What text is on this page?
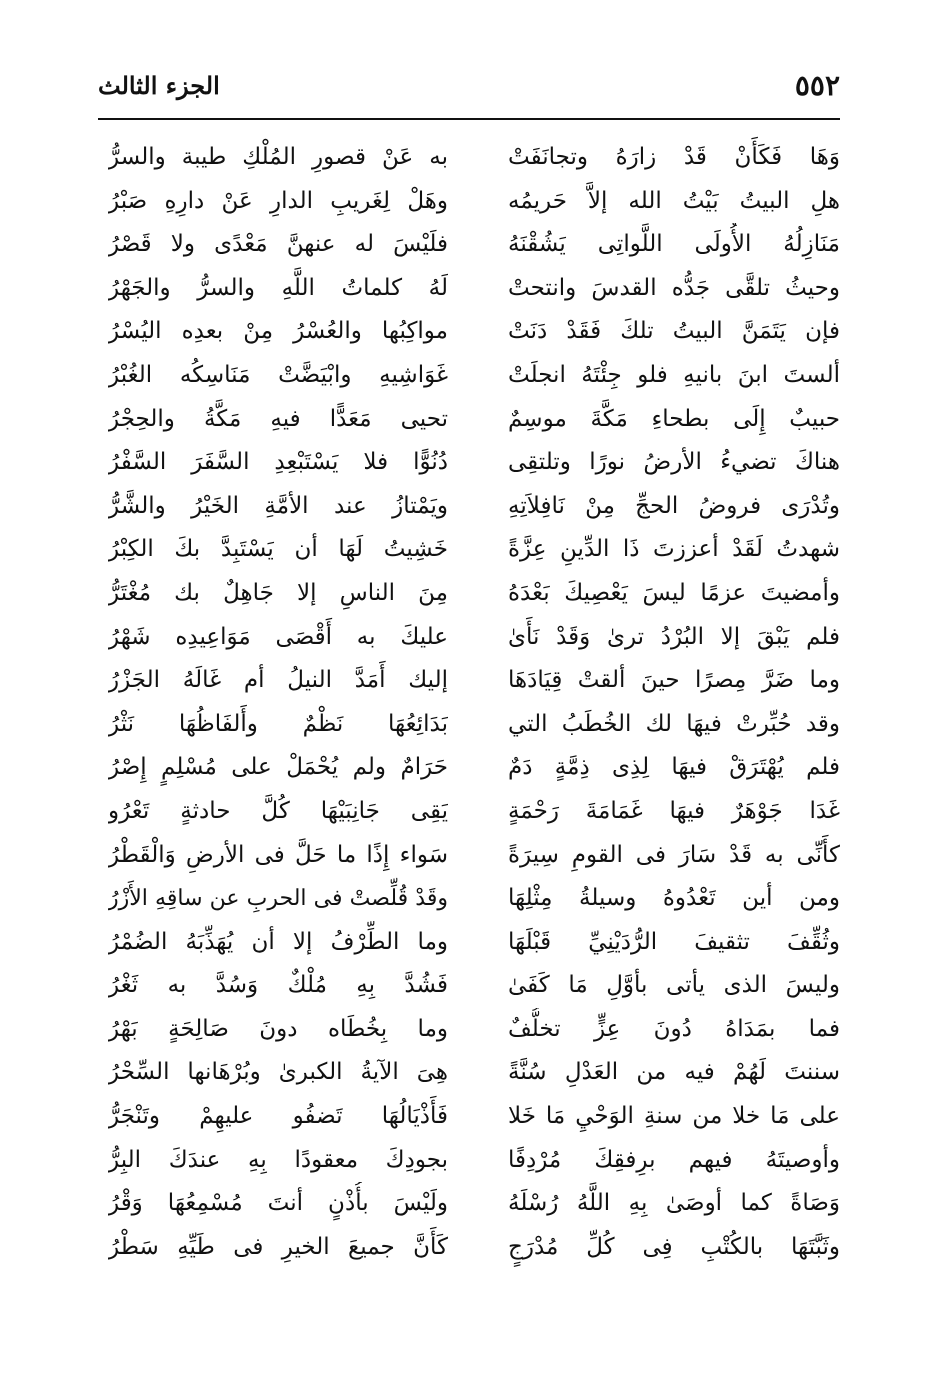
٥٥٢
الجزء الثالث
وَهَا فَكَأَنْ قَدْ زارَهُ وتجانَفَتْ
به عَنْ قصورِ المُلْكِ طيبة والسرُّ
هلِ البيتُ بَيْتُ الله إلاَّ حَريمُه
وهَلْ لِغَريبِ الدارِ عَنْ دارِهِ صَبْرُ
مَنَازِلُهُ الأُولَى اللَّواتِى يَشُقْنَهُ
فلَيْسَ له عنهنَّ مَعْدًى ولا قَصْرُ
وحيثُ تلقَّى جَدُّه القدسَ وانتحتْ
لَهُ كلماتُ اللَّهِ والسرُّ والجَهْرُ
فإن يَتَمَنَّ البيتُ تلكَ فَقَدْ دَنَتْ
مواكِبُها والعُسْرُ مِنْ بعدِه اليُسْرُ
ألستَ ابنَ بانيهِ فلو جِئْتَهُ انجلَتْ
غَوَاشِيهِ وابْيَضَّتْ مَنَاسِكُه الغُبْرُ
حبيبٌ إِلَى بطحاءِ مَكَّةَ موسِمٌ
تحيى مَعَدًّا فيهِ مَكَّةُ والحِجْرُ
هناكَ تضيءُ الأرضُ نورًا وتلتقِى
دُنُوًّا فلا يَسْتَبْعِدِ السَّفَرَ السَّفْرُ
وتُدْرَى فروضُ الحجِّ مِنْ نَافِلاَتِهِ
ويَمْتازُ عند الأمَّةِ الخَيْرُ والشَّرُّ
شهدتُ لَقَدْ أعززتَ ذَا الدِّينِ عِزَّةً
خَشِيتُ لَهَا أن يَسْتَبِدَّ بكَ الكِبْرُ
وأمضيتَ عزمًا ليسَ يَعْصِيكَ بَعْدَهُ
مِنَ الناسِ إلا جَاهِلٌ بك مُغْتَرُّ
فلم يَبْقَ إلا البُرْدُ ترىٰ وَقَدْ نَأَىٰ
عليكَ به أَقْصَى مَوَاعِيدِه شَهْرُ
وما ضَرَّ مِصرًا حينَ ألقتْ قِيَادَهَا
إليك أَمَدَّ النيلُ أم غَالَهُ الجَزْرُ
وقد حُبِّرتْ فيهَا لك الخُطَبُ التي
بَدَائِعُهَا نَظْمٌ وأَلفَاظُهَا نَثْرُ
فلم يُهْتَرَقْ فيهَا لِذِى ذِمَّةٍ دَمٌ
حَرَامٌ ولم يُحْمَلْ على مُسْلِمٍ إِصْرُ
غَدَا جَوْهَرٌ فيهَا غَمَامَةَ رَحْمَةٍ
يَقِى جَانِبَيْهَا كُلَّ حادثةٍ تَعْرُو
كأَنِّى به قَدْ سَارَ فى القومِ سِيرَةً
سَواء إِذًا ما حَلَّ فى الأرضِ وَالْقَطْرُ
ومن أين تَعْدُوهُ وسيلةُ مِثْلِهَا
وقَدْ قُلِّصتْ فى الحربِ عن ساقِهِ الأَزْرُ
وثُقِّفَ تثقيفَ الرُّدَيْنِيِّ قَبْلَهَا
وما الطِّرْفُ إلا أن يُهَذِّبَهُ الضُمْرُ
وليسَ الذى يأتى بأوَّلِ مَا كَفَىٰ
فَشُدَّ بِهِ مُلْكٌ وَسُدَّ به ثَغْرُ
فما بمَدَاهُ دُونَ عِزٍّ تخلُّفٌ
وما بِخُطَاه دونَ صَالِحَةٍ بَهْرُ
سننتَ لَهُمْ فيه من العَدْلِ سُنَّةً
هِىَ الآيةُ الكبرىٰ وبُرْهَانها السِّحْرُ
على مَا خلا من سنةِ الوَحْيِ مَا خَلا
فَأَذْيَالُهَا تَضفُو عليهِمْ وتَنْجَرُّ
وأوصيتَهُ فيهم برِفقِكَ مُرْدِفًا
بجودِكَ معقودًا بِهِ عندَكَ البِرُّ
وَصَاةً كما أوصَىٰ بِهِ اللَّهُ رُسْلَهُ
ولَيْسَ بأُذْنٍ أنتَ مُسْمِعُهَا وَقْرُ
وثَبَّتَهَا بالكُتْبِ فِى كُلِّ مُدْرَجٍ
كَأَنَّ جميعَ الخيرِ فى طَيِّهِ سَطْرُ
